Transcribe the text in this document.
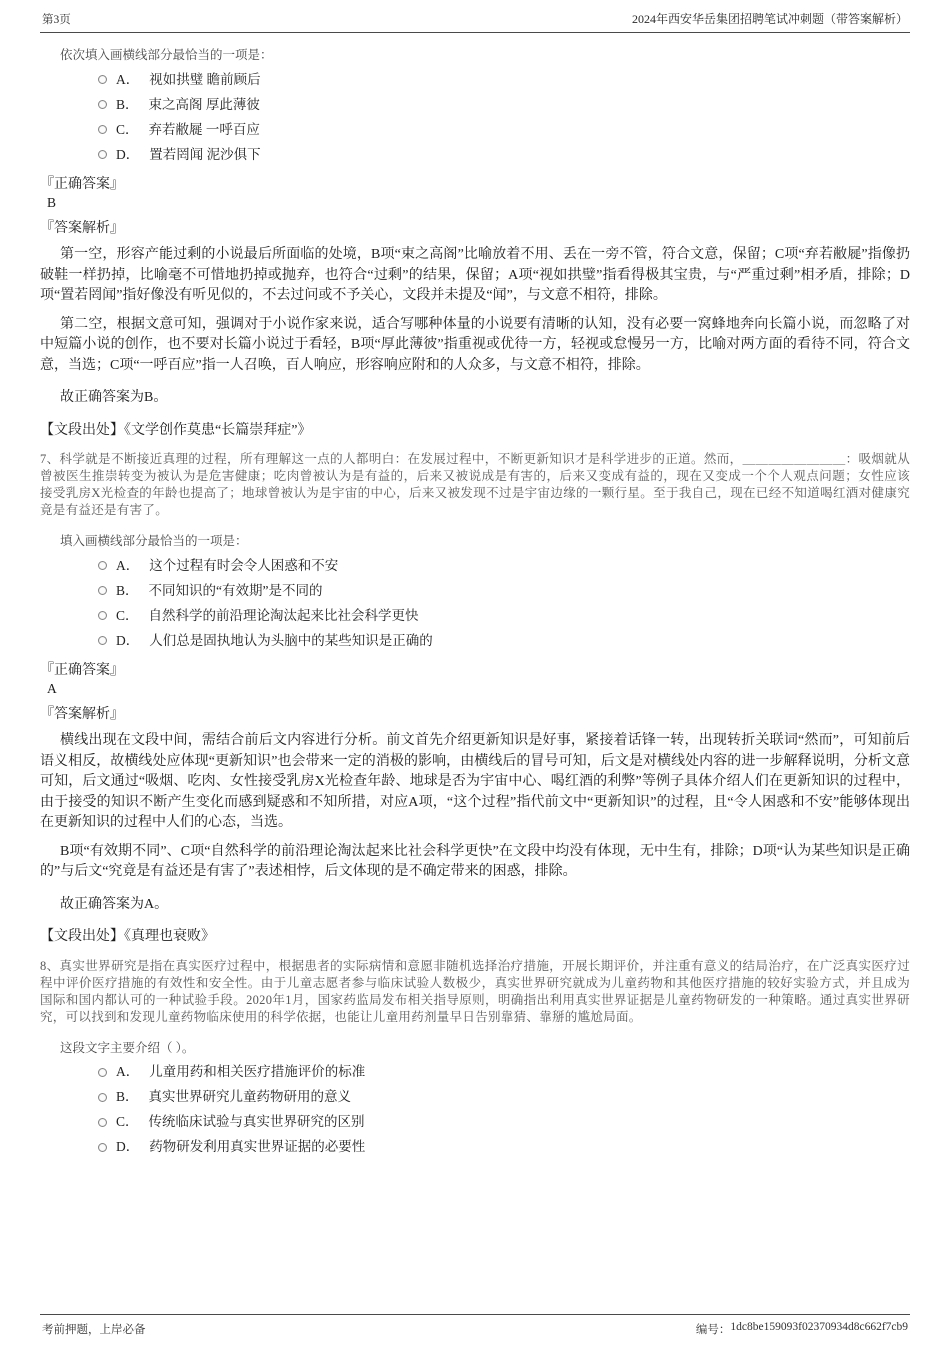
第3页	2024年西安华岳集团招聘笔试冲刺题（带答案解析）

依次填入画横线部分最恰当的一项是：

A． 视如拱璧 瞻前顾后
B． 束之高阁 厚此薄彼
C． 弃若敝屣 一呼百应
D． 置若罔闻 泥沙俱下

『正确答案』

B

『答案解析』

第一空，形容产能过剩的小说最后所面临的处境，B项“束之高阁”比喻放着不用、丢在一旁不管，符合文意，保留；C项“弃若敝屣”指像扔破鞋一样扔掉，比喻毫不可惜地扔掉或抛弃，也符合“过剩”的结果，保留；A项“视如拱璧”指看得极其宝贵，与“严重过剩”相矛盾，排除；D项“置若罔闻”指好像没有听见似的，不去过问或不予关心，文段并未提及“闻”，与文意不相符，排除。

第二空，根据文意可知，强调对于小说作家来说，适合写哪种体量的小说要有清晰的认知，没有必要一窝蜂地奔向长篇小说，而忽略了对中短篇小说的创作，也不要对长篇小说过于看轻，B项“厚此薄彼”指重视或优待一方，轻视或怠慢另一方，比喻对两方面的看待不同，符合文意，当选；C项“一呼百应”指一人召唤，百人响应，形容响应附和的人众多，与文意不相符，排除。

故正确答案为B。

【文段出处】《文学创作莫患“长篇崇拜症”》

7、科学就是不断接近真理的过程，所有理解这一点的人都明白：在发展过程中，不断更新知识才是科学进步的正道。然而，＿＿＿＿＿＿＿＿：吸烟就从曾被医生推崇转变为被认为是危害健康；吃肉曾被认为是有益的，后来又被说成是有害的，后来又变成有益的，现在又变成一个个人观点问题；女性应该接受乳房X光检查的年龄也提高了；地球曾被认为是宇宙的中心，后来又被发现不过是宇宙边缘的一颗行星。至于我自己，现在已经不知道喝红酒对健康究竟是有益还是有害了。

填入画横线部分最恰当的一项是：

A． 这个过程有时会令人困惑和不安
B． 不同知识的“有效期”是不同的
C． 自然科学的前沿理论淘汰起来比社会科学更快
D． 人们总是固执地认为头脑中的某些知识是正确的

『正确答案』

A

『答案解析』

横线出现在文段中间，需结合前后文内容进行分析。前文首先介绍更新知识是好事，紧接着话锋一转，出现转折关联词“然而”，可知前后语义相反，故横线处应体现“更新知识”也会带来一定的消极的影响，由横线后的冒号可知，后文是对横线处内容的进一步解释说明，分析文意可知，后文通过“吸烟、吃肉、女性接受乳房X光检查年龄、地球是否为宇宙中心、喝红酒的利弊”等例子具体介绍人们在更新知识的过程中，由于接受的知识不断产生变化而感到疑惑和不知所措，对应A项，“这个过程”指代前文中“更新知识”的过程，且“令人困惑和不安”能够体现出在更新知识的过程中人们的心态，当选。

B项“有效期不同”、C项“自然科学的前沿理论淘汰起来比社会科学更快”在文段中均没有体现，无中生有，排除；D项“认为某些知识是正确的”与后文“究竟是有益还是有害了”表述相悖，后文体现的是不确定带来的困惑，排除。

故正确答案为A。

【文段出处】《真理也衰败》

8、真实世界研究是指在真实医疗过程中，根据患者的实际病情和意愿非随机选择治疗措施，开展长期评价，并注重有意义的结局治疗，在广泛真实医疗过程中评价医疗措施的有效性和安全性。由于儿童志愿者参与临床试验人数极少，真实世界研究就成为儿童药物和其他医疗措施的较好实验方式，并且成为国际和国内都认可的一种试验手段。2020年1月，国家药监局发布相关指导原则，明确指出利用真实世界证据是儿童药物研发的一种策略。通过真实世界研究，可以找到和发现儿童药物临床使用的科学依据，也能让儿童用药剂量早日告别靠猜、靠掰的尴尬局面。

这段文字主要介绍（ ）。

A． 儿童用药和相关医疗措施评价的标准
B． 真实世界研究儿童药物研用的意义
C． 传统临床试验与真实世界研究的区别
D． 药物研发利用真实世界证据的必要性
考前押题，上岸必备	编号： 1dc8be159093f02370934d8c662f7cb9
